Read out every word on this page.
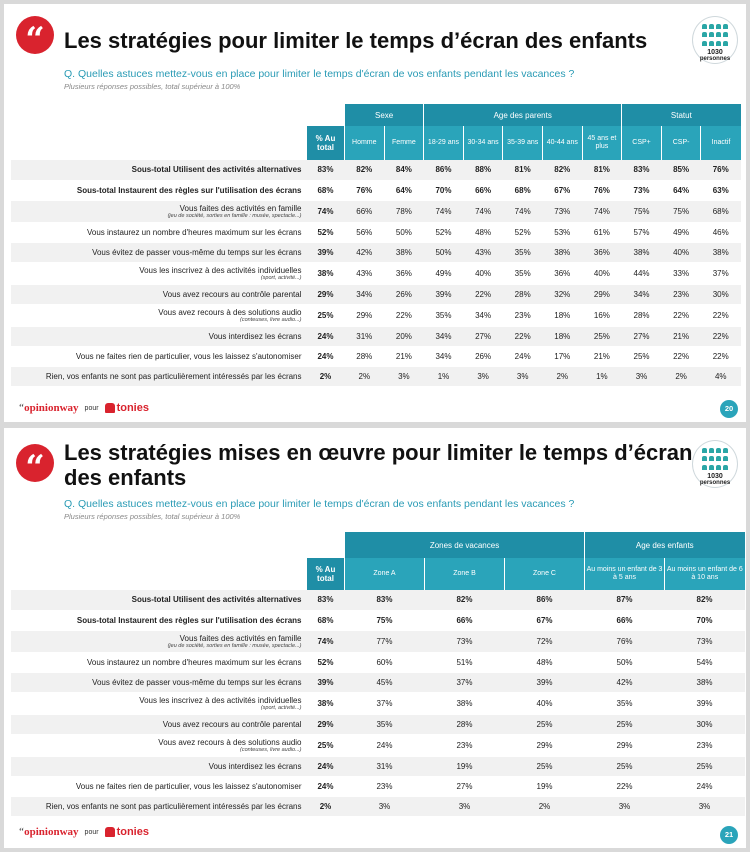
“ Les stratégies pour limiter le temps d’écran des enfants
Q. Quelles astuces mettez-vous en place pour limiter le temps d'écran de vos enfants pendant les vacances ?
Plusieurs réponses possibles, total supérieur à 100%
1030 personnes
		Sexe		Age des parents					Statut		
	% Au total	Homme	Femme	18-29 ans	30-34 ans	35-39 ans	40-44 ans	45 ans et plus	CSP+	CSP-	Inactif
Sous-total Utilisent des activités alternatives	83%	82%	84%	86%	88%	81%	82%	81%	83%	85%	76%
Sous-total Instaurent des règles sur l'utilisation des écrans	68%	76%	64%	70%	66%	68%	67%	76%	73%	64%	63%
Vous faites des activités en famille
(jeu de société, sorties en famille : musée, spectacle...)	74%	66%	78%	74%	74%	74%	73%	74%	75%	75%	68%
Vous instaurez un nombre d'heures maximum sur les écrans	52%	56%	50%	52%	48%	52%	53%	61%	57%	49%	46%
Vous évitez de passer vous-même du temps sur les écrans	39%	42%	38%	50%	43%	35%	38%	36%	38%	40%	38%
Vous les inscrivez à des activités individuelles
(sport, activité...)	38%	43%	36%	49%	40%	35%	36%	40%	44%	33%	37%
Vous avez recours au contrôle parental	29%	34%	26%	39%	22%	28%	32%	29%	34%	23%	30%
Vous avez recours à des solutions audio
(conteuses, livre audio...)	25%	29%	22%	35%	34%	23%	18%	16%	28%	22%	22%
Vous interdisez les écrans	24%	31%	20%	34%	27%	22%	18%	25%	27%	21%	22%
Vous ne faites rien de particulier, vous les laissez s'autonomiser	24%	28%	21%	34%	26%	24%	17%	21%	25%	22%	22%
Rien, vos enfants ne sont pas particulièrement intéressés par les écrans	2%	2%	3%	1%	3%	3%	2%	1%	3%	2%	4%
“opinionway pour tonies	20
“ Les stratégies mises en œuvre pour limiter le temps d’écran
des enfants
Q. Quelles astuces mettez-vous en place pour limiter le temps d'écran de vos enfants pendant les vacances ?
Plusieurs réponses possibles, total supérieur à 100%
1030 personnes
		Zones de vacances			Age des enfants	
	% Au total	Zone A	Zone B	Zone C	Au moins un enfant de 3 à 5 ans	Au moins un enfant de 6 à 10 ans
Sous-total Utilisent des activités alternatives	83%	83%	82%	86%	87%	82%
Sous-total Instaurent des règles sur l'utilisation des écrans	68%	75%	66%	67%	66%	70%
Vous faites des activités en famille
(jeu de société, sorties en famille : musée, spectacle...)	74%	77%	73%	72%	76%	73%
Vous instaurez un nombre d'heures maximum sur les écrans	52%	60%	51%	48%	50%	54%
Vous évitez de passer vous-même du temps sur les écrans	39%	45%	37%	39%	42%	38%
Vous les inscrivez à des activités individuelles
(sport, activité...)	38%	37%	38%	40%	35%	39%
Vous avez recours au contrôle parental	29%	35%	28%	25%	25%	30%
Vous avez recours à des solutions audio
(conteuses, livre audio...)	25%	24%	23%	29%	29%	23%
Vous interdisez les écrans	24%	31%	19%	25%	25%	25%
Vous ne faites rien de particulier, vous les laissez s'autonomiser	24%	23%	27%	19%	22%	24%
Rien, vos enfants ne sont pas particulièrement intéressés par les écrans	2%	3%	3%	2%	3%	3%
“opinionway pour tonies	21
